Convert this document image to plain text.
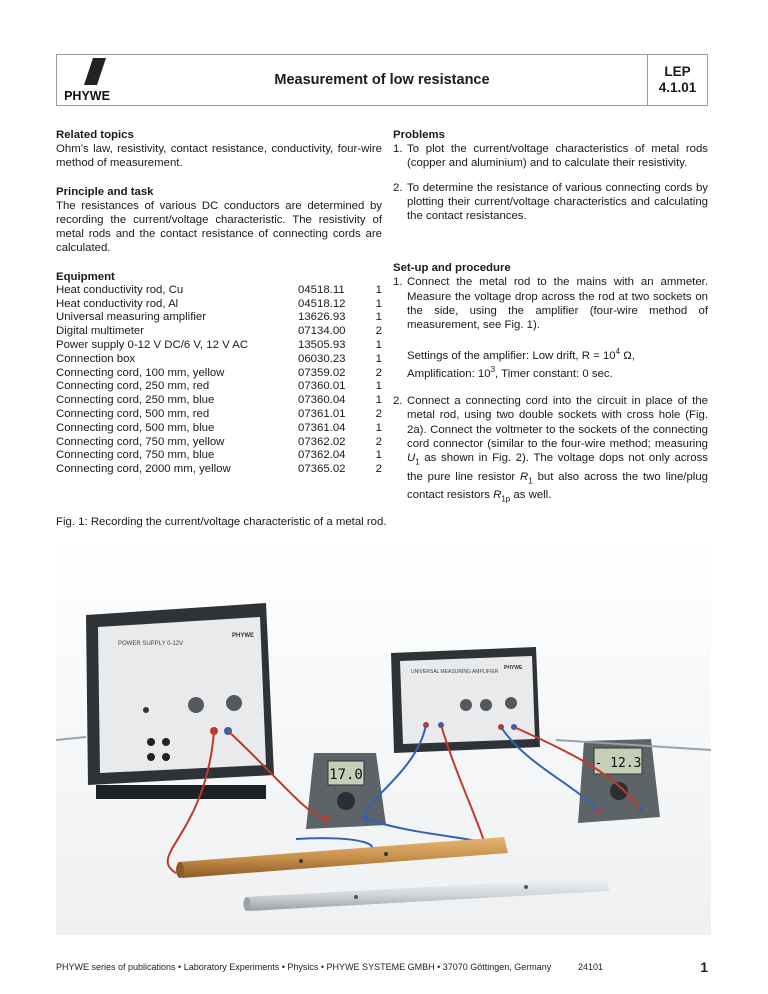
PHYWE
Measurement of low resistance
LEP
4.1.01
Related topics

Ohm’s law, resistivity, contact resistance, conductivity, four-wire method of measurement.

Principle and task

The resistances of various DC conductors are determined by recording the current/voltage characteristic. The resistivity of metal rods and the contact resistance of connecting cords are calculated.

Equipment
Heat conductivity rod, Cu	04518.11	1
Heat conductivity rod, Al	04518.12	1
Universal measuring amplifier	13626.93	1
Digital multimeter	07134.00	2
Power supply 0-12 V DC/6 V, 12 V AC	13505.93	1
Connection box	06030.23	1
Connecting cord, 100 mm, yellow	07359.02	2
Connecting cord, 250 mm, red	07360.01	1
Connecting cord, 250 mm, blue	07360.04	1
Connecting cord, 500 mm, red	07361.01	2
Connecting cord, 500 mm, blue	07361.04	1
Connecting cord, 750 mm, yellow	07362.02	2
Connecting cord, 750 mm, blue	07362.04	1
Connecting cord, 2000 mm, yellow	07365.02	2
Problems
1. To plot the current/voltage characteristics of metal rods (copper and aluminium) and to calculate their resistivity.
2. To determine the resistance of various connecting cords by plotting their current/voltage characteristics and calculating the contact resistances.
Set-up and procedure
1. Connect the metal rod to the mains with an ammeter. Measure the voltage drop across the rod at two sockets on the side, using the amplifier (four-wire method of measurement, see Fig. 1).
Settings of the amplifier: Low drift, $R = 10^4$ Ω,
Amplification: $10^3$, Timer constant: 0 sec.
2. Connect a connecting cord into the circuit in place of the metal rod, using two double sockets with cross hole (Fig. 2a). Connect the voltmeter to the sockets of the connecting cord connector (similar to the four-wire method; measuring $U_1$ as shown in Fig. 2). The voltage dops not only across the pure line resistor $R_1$ but also across the two line/plug contact resistors $R_{1p}$ as well.
Fig. 1: Recording the current/voltage characteristic of a metal rod.
POWER SUPPLY 0-12V
PHYWE
UNIVERSAL MEASURING AMPLIFIER
PHYWE
17.0
- 12.3
PHYWE series of publications • Laboratory Experiments • Physics • PHYWE SYSTEME GMBH • 37070 Göttingen, Germany	24101	1
